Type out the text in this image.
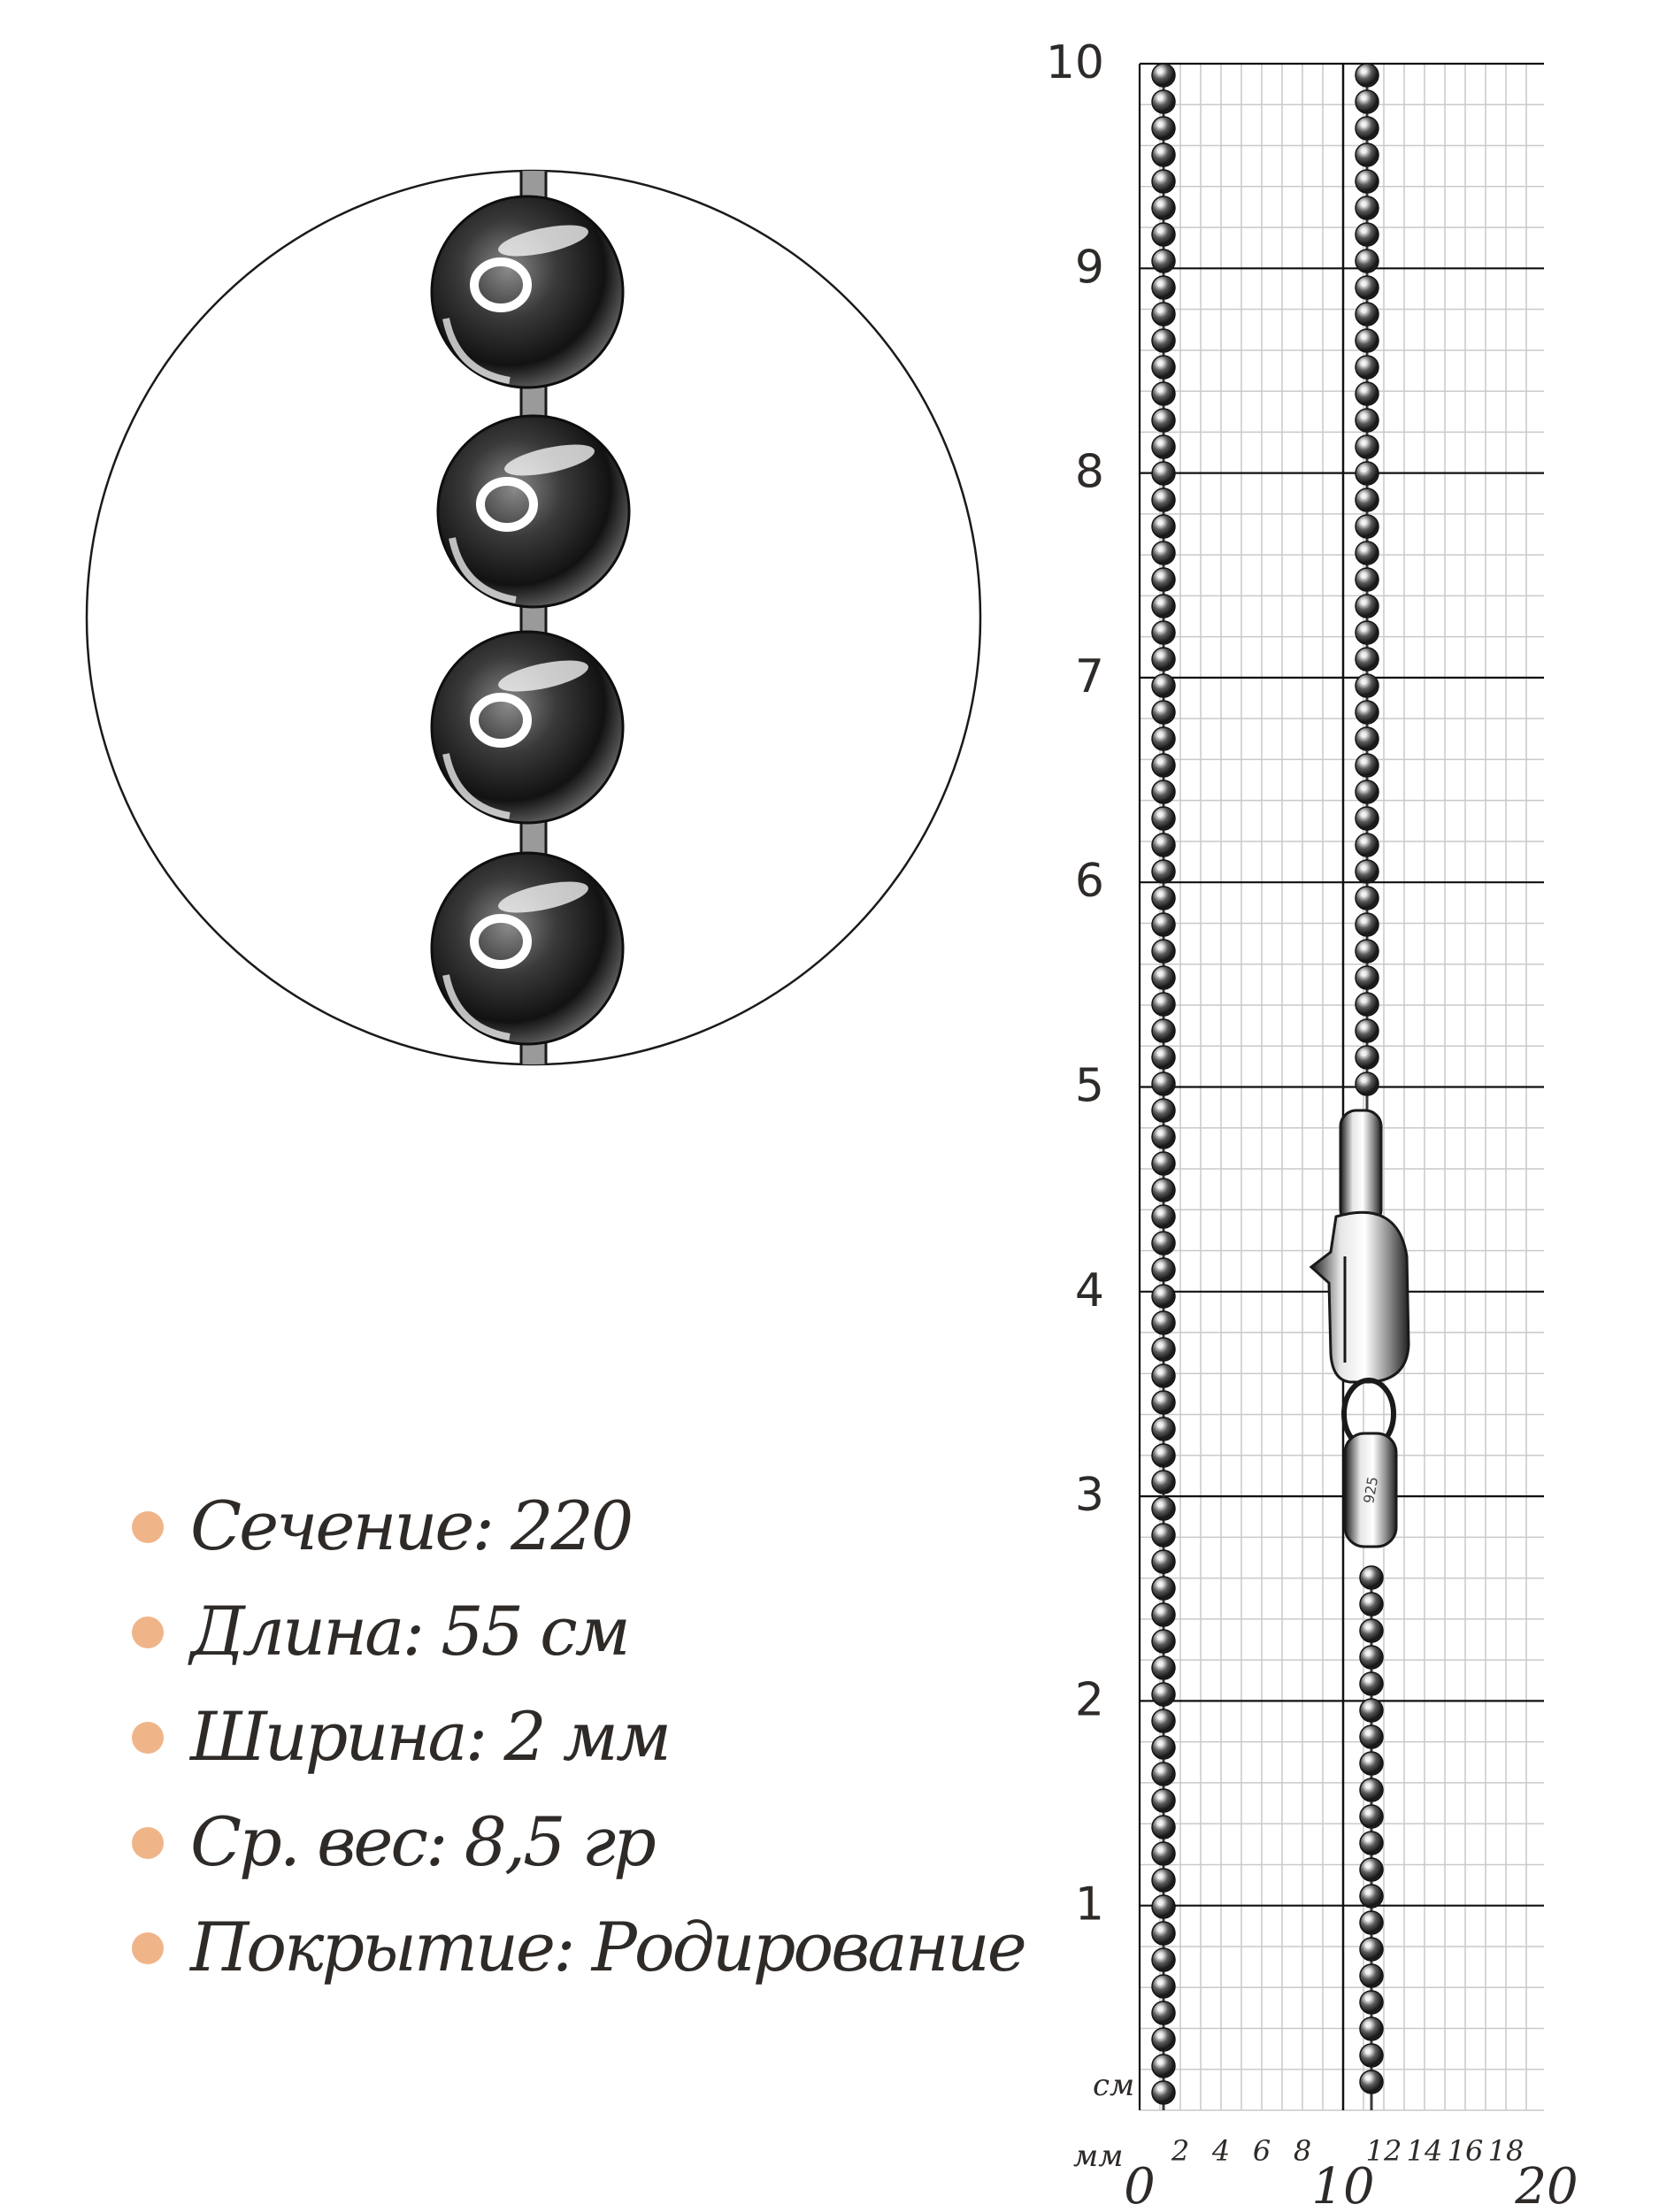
1
2
3
4
5
6
7
8
9
10
2 4 6 8 12 14 16 18
0	10	20
см
мм
925
Сечение: 220
Длина: 55 см
Ширина: 2 мм
Ср. вес: 8,5 гр
Покрытие: Родирование
